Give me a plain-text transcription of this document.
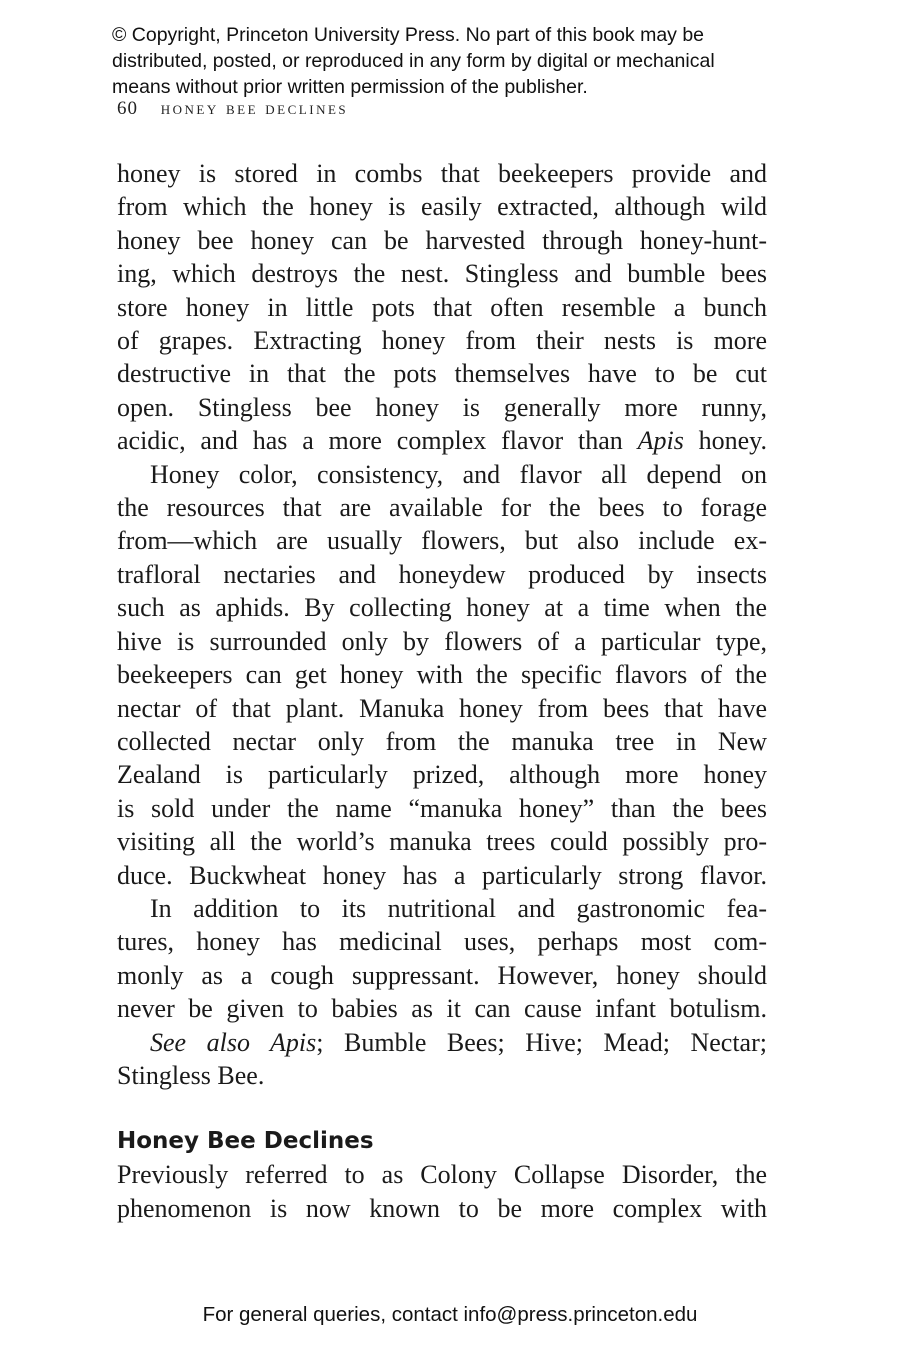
© Copyright, Princeton University Press. No part of this book may be
distributed, posted, or reproduced in any form by digital or mechanical
means without prior written permission of the publisher.
60 honey bee declines
honey is stored in combs that beekeepers provide and
from which the honey is easily extracted, although wild
honey bee honey can be harvested through honey-hunt-
ing, which destroys the nest. Stingless and bumble bees
store honey in little pots that often resemble a bunch
of grapes. Extracting honey from their nests is more
destructive in that the pots themselves have to be cut
open. Stingless bee honey is generally more runny,
acidic, and has a more complex flavor than Apis honey.
Honey color, consistency, and flavor all depend on
the resources that are available for the bees to forage
from—which are usually flowers, but also include ex-
trafloral nectaries and honeydew produced by insects
such as aphids. By collecting honey at a time when the
hive is surrounded only by flowers of a particular type,
beekeepers can get honey with the specific flavors of the
nectar of that plant. Manuka honey from bees that have
collected nectar only from the manuka tree in New
Zealand is particularly prized, although more honey
is sold under the name “manuka honey” than the bees
visiting all the world’s manuka trees could possibly pro-
duce. Buckwheat honey has a particularly strong flavor.
In addition to its nutritional and gastronomic fea-
tures, honey has medicinal uses, perhaps most com-
monly as a cough suppressant. However, honey should
never be given to babies as it can cause infant botulism.
See also Apis; Bumble Bees; Hive; Mead; Nectar;
Stingless Bee.
Honey Bee Declines
Previously referred to as Colony Collapse Disorder, the
phenomenon is now known to be more complex with
For general queries, contact info@press.princeton.edu
